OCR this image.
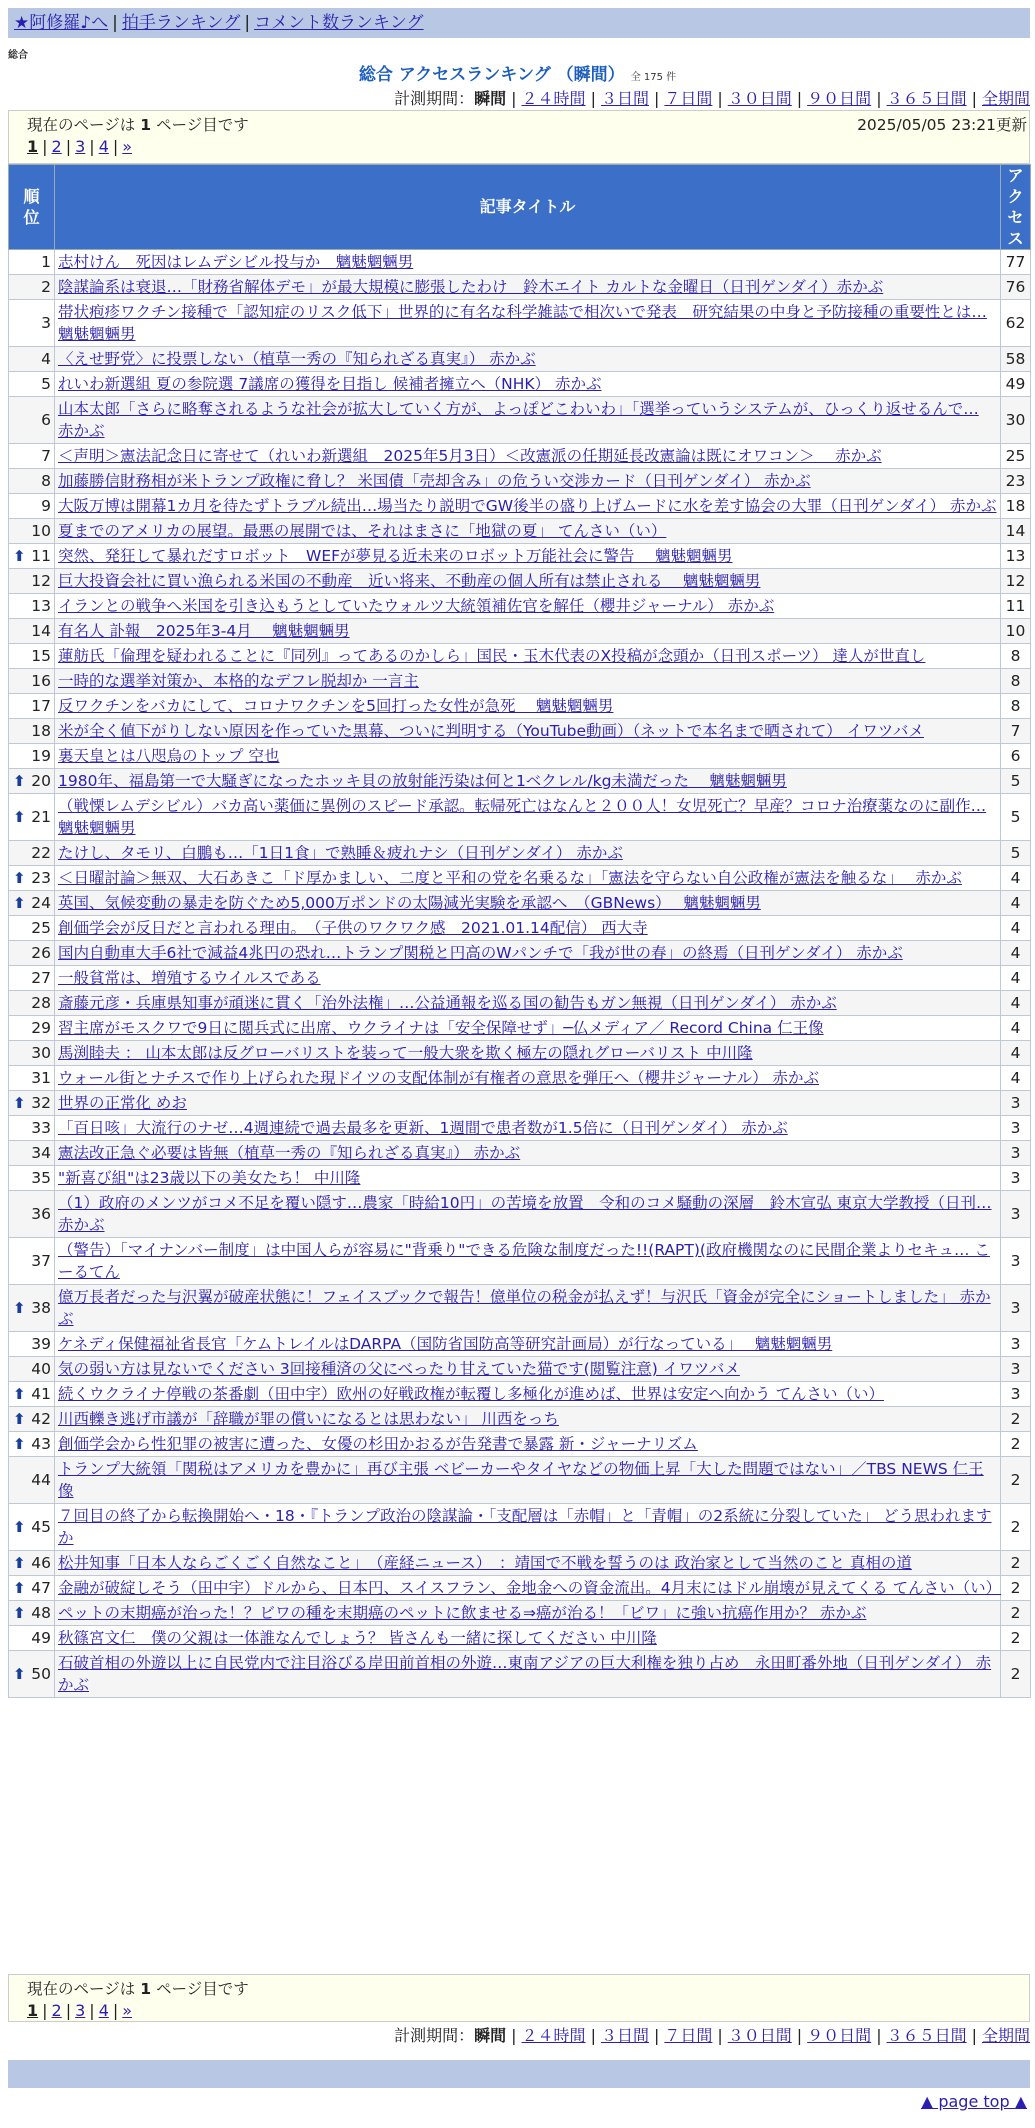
★阿修羅♪へ | 拍手ランキング | コメント数ランキング
総合
総合 アクセスランキング （瞬間） 全 175 件
計測期間：瞬間 | ２４時間 | ３日間 | ７日間 | ３０日間 | ９０日間 | ３６５日間 | 全期間
現在のページは 1 ページ目です	2025/05/05 23:21更新
1 | 2 | 3 | 4 | »
順位	記事タイトル	アクセス
1	志村けん　死因はレムデシビル投与か　魑魅魍魎男	77
2	陰謀論系は衰退…「財務省解体デモ」が最大規模に膨張したわけ　鈴木エイト カルトな金曜日（日刊ゲンダイ）赤かぶ	76
3	帯状疱疹ワクチン接種で「認知症のリスク低下」世界的に有名な科学雑誌で相次いで発表　研究結果の中身と予防接種の重要性とは… 魑魅魍魎男	62
4	〈えせ野党〉に投票しない（植草一秀の『知られざる真実』） 赤かぶ	58
5	れいわ新選組 夏の参院選 7議席の獲得を目指し 候補者擁立へ（NHK） 赤かぶ	49
6	山本太郎「さらに略奪されるような社会が拡大していく方が、よっぽどこわいわ」「選挙っていうシステムが、ひっくり返せるんで… 赤かぶ	30
7	＜声明＞憲法記念日に寄せて（れいわ新選組　2025年5月3日）＜改憲派の任期延長改憲論は既にオワコン＞　 赤かぶ	25
8	加藤勝信財務相が米トランプ政権に脅し？ 米国債「売却含み」の危うい交渉カード（日刊ゲンダイ） 赤かぶ	23
9	大阪万博は開幕1カ月を待たずトラブル続出…場当たり説明でGW後半の盛り上げムードに水を差す協会の大罪（日刊ゲンダイ） 赤かぶ	18
10	夏までのアメリカの展望。最悪の展開では、それはまさに「地獄の夏」 てんさい（い）	14

⬆ 11	突然、発狂して暴れだすロボット　WEFが夢見る近未来のロボット万能社会に警告　 魑魅魍魎男	13
12	巨大投資会社に買い漁られる米国の不動産　近い将来、不動産の個人所有は禁止される　 魑魅魍魎男	12
13	イランとの戦争へ米国を引き込もうとしていたウォルツ大統領補佐官を解任（櫻井ジャーナル） 赤かぶ	11
14	有名人 訃報　2025年3-4月　 魑魅魍魎男	10
15	蓮舫氏「倫理を疑われることに『同列』ってあるのかしら」国民・玉木代表のX投稿が念頭か（日刊スポーツ） 達人が世直し	8
16	一時的な選挙対策か、本格的なデフレ脱却か 一言主	8
17	反ワクチンをバカにして、コロナワクチンを5回打った女性が急死　 魑魅魍魎男	8
18	米が全く値下がりしない原因を作っていた黒幕、ついに判明する（YouTube動画）（ネットで本名まで晒されて） イワツバメ	7
19	裏天皇とは八咫烏のトップ 空也	6

⬆ 20	1980年、福島第一で大騒ぎになったホッキ貝の放射能汚染は何と1ベクレル/kg未満だった　 魑魅魍魎男	5

⬆ 21	（戦慄レムデシビル）バカ高い薬価に異例のスピード承認。転帰死亡はなんと２００人！女児死亡？早産？コロナ治療薬なのに副作… 魑魅魍魎男	5
22	たけし、タモリ、白鵬も…「1日1食」で熟睡＆疲れナシ（日刊ゲンダイ） 赤かぶ	5

⬆ 23	＜日曜討論＞無双、大石あきこ「ド厚かましい、二度と平和の党を名乗るな」「憲法を守らない自公政権が憲法を触るな」　 赤かぶ	4

⬆ 24	英国、気候変動の暴走を防ぐため5,000万ポンドの太陽減光実験を承認へ　（GBNews）　 魑魅魍魎男	4
25	創価学会が反日だと言われる理由。　（子供のワクワク感　2021.01.14配信） 西大寺	4
26	国内自動車大手6社で減益4兆円の恐れ…トランプ関税と円高のWパンチで「我が世の春」の終焉（日刊ゲンダイ） 赤かぶ	4
27	一般貧常は、増殖するウイルスである	4
28	斎藤元彦・兵庫県知事が頑迷に貫く「治外法権」…公益通報を巡る国の勧告もガン無視（日刊ゲンダイ） 赤かぶ	4
29	習主席がモスクワで9日に閲兵式に出席、ウクライナは「安全保障せず」─仏メディア／ Record China 仁王像	4
30	馬渕睦夫 ： 山本太郎は反グローバリストを装って一般大衆を欺く極左の隠れグローバリスト 中川隆	4
31	ウォール街とナチスで作り上げられた現ドイツの支配体制が有権者の意思を弾圧へ（櫻井ジャーナル） 赤かぶ	4

⬆ 32	世界の正常化 めお	3
33	「百日咳」大流行のナゼ…4週連続で過去最多を更新、1週間で患者数が1.5倍に（日刊ゲンダイ） 赤かぶ	3
34	憲法改正急ぐ必要は皆無（植草一秀の『知られざる真実』） 赤かぶ	3
35	"新喜び組"は23歳以下の美女たち！ 中川隆	3
36	（1）政府のメンツがコメ不足を覆い隠す…農家「時給10円」の苦境を放置　令和のコメ騒動の深層　鈴木宣弘 東京大学教授（日刊… 赤かぶ	3
37	（警告）「マイナンバー制度」は中国人らが容易に"背乗り"できる危険な制度だった!!(RAPT)(政府機関なのに民間企業よりセキュ… こーるてん	3

⬆ 38	億万長者だった与沢翼が破産状態に！フェイスブックで報告！億単位の税金が払えず！与沢氏「資金が完全にショートしました」 赤かぶ	3
39	ケネディ保健福祉省長官「ケムトレイルはDARPA（国防省国防高等研究計画局）が行なっている」　 魑魅魍魎男	3
40	気の弱い方は見ないでください 3回接種済の父にべったり甘えていた猫です(閲覧注意) イワツバメ	3

⬆ 41	続くウクライナ停戦の茶番劇（田中宇）欧州の好戦政権が転覆し多極化が進めば、世界は安定へ向かう てんさい（い）	3

⬆ 42	川西轢き逃げ市議が「辞職が罪の償いになるとは思わない」 川西をっち	2

⬆ 43	創価学会から性犯罪の被害に遭った、女優の杉田かおるが告発書で暴露 新・ジャーナリズム	2
44	トランプ大統領「関税はアメリカを豊かに」再び主張 ベビーカーやタイヤなどの物価上昇「大した問題ではない」／TBS NEWS 仁王像	2

⬆ 45	７回目の終了から転換開始へ・18・『トランプ政治の陰謀論・「支配層は「赤帽」と「青帽」の2系統に分裂していた」 どう思われますか	2

⬆ 46	松井知事「日本人ならごくごく自然なこと」　（産経ニュース）　：靖国で不戦を誓うのは 政治家として当然のこと 真相の道	2

⬆ 47	金融が破綻しそう（田中宇）ドルから、日本円、スイスフラン、金地金への資金流出。4月末にはドル崩壊が見えてくる てんさい（い）	2

⬆ 48	ペットの末期癌が治った！？ビワの種を末期癌のペットに飲ませる⇒癌が治る！「ビワ」に強い抗癌作用か？ 赤かぶ	2
49	秋篠宮文仁　僕の父親は一体誰なんでしょう？ 皆さんも一緒に探してください 中川隆	2

⬆ 50	石破首相の外遊以上に自民党内で注目浴びる岸田前首相の外遊…東南アジアの巨大利権を独り占め　永田町番外地（日刊ゲンダイ） 赤かぶ	2
現在のページは 1 ページ目です
1 | 2 | 3 | 4 | »
計測期間：瞬間 | ２４時間 | ３日間 | ７日間 | ３０日間 | ９０日間 | ３６５日間 | 全期間
▲ page top ▲
